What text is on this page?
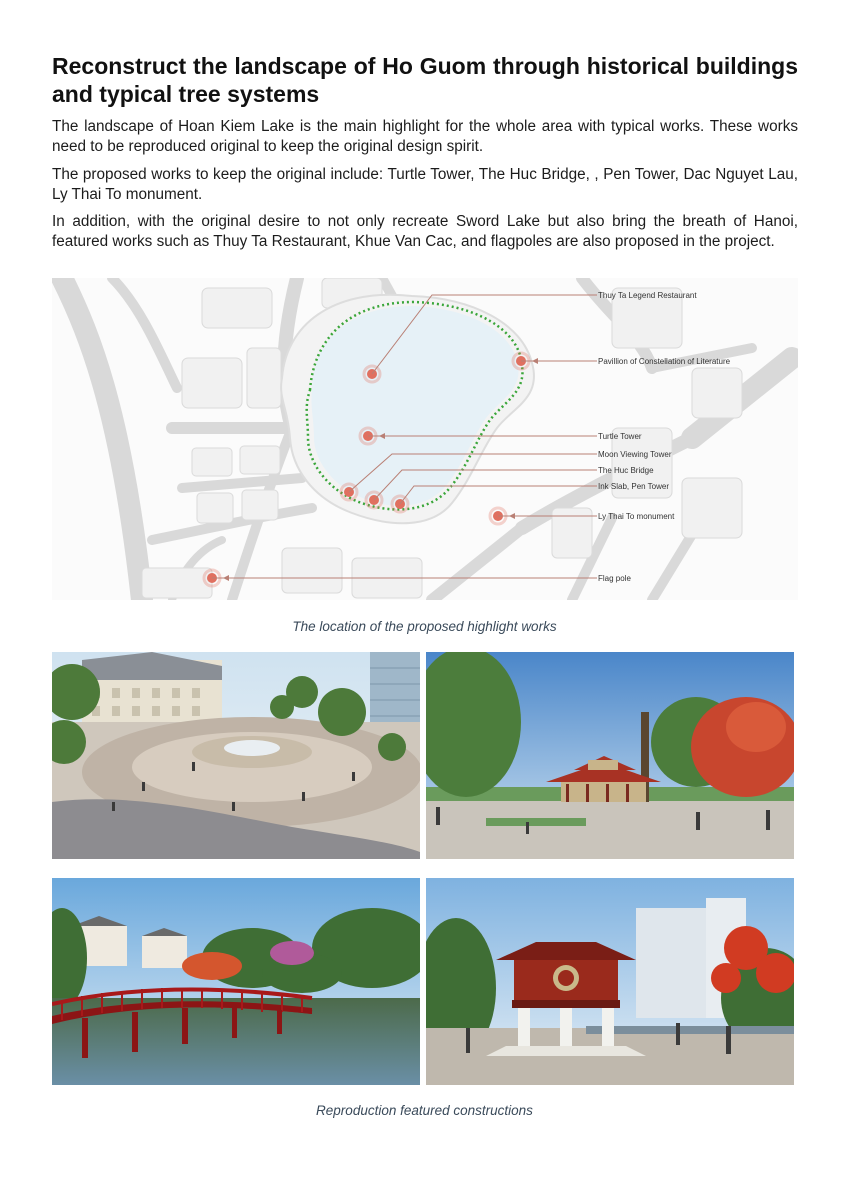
Reconstruct the landscape of Ho Guom through historical buildings and typical tree systems

The landscape of Hoan Kiem Lake is the main highlight for the whole area with typical works. These works need to be reproduced original to keep the original design spirit.

The proposed works to keep the original include: Turtle Tower, The Huc Bridge, , Pen Tower, Dac Nguyet Lau, Ly Thai To monument.

In addition, with the original desire to not only recreate Sword Lake but also bring the breath of Hanoi, featured works such as Thuy Ta Restaurant, Khue Van Cac, and flagpoles are also proposed in the project.

Thuy Ta Legend Restaurant
Pavillion of Constellation of Literature
Turtle Tower
Moon Viewing Tower
The Huc Bridge
Ink Slab, Pen Tower
Ly Thai To monument
Flag pole
The location of the proposed highlight works
Reproduction featured constructions
